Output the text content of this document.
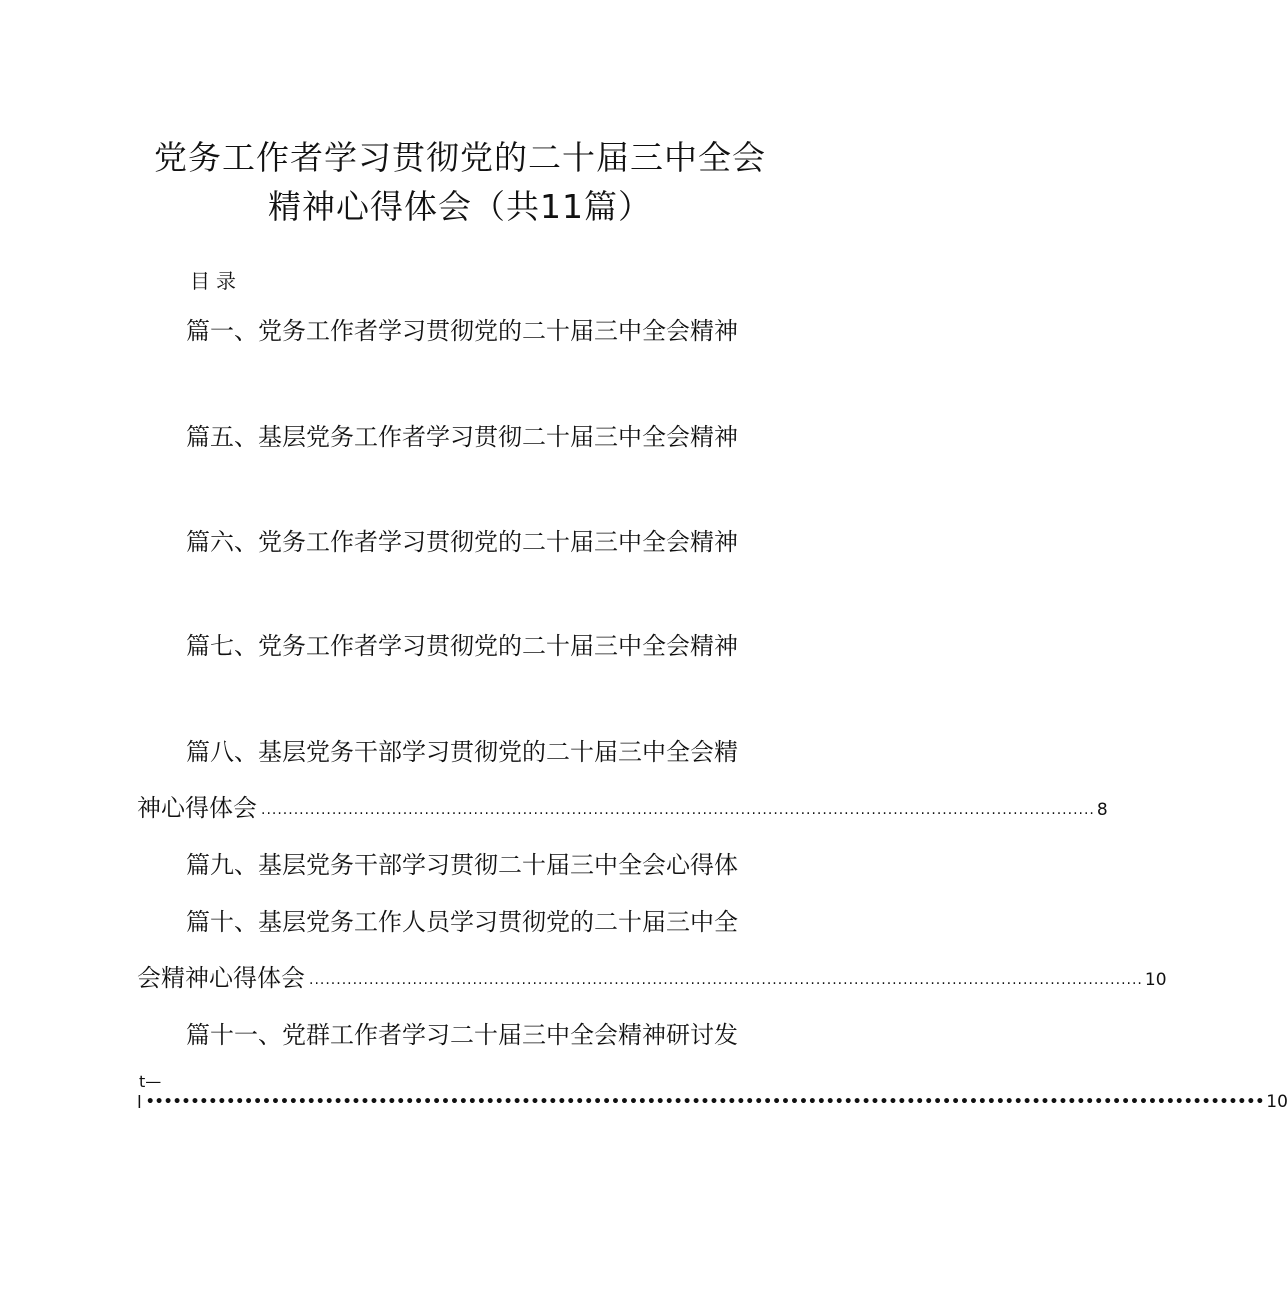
党务工作者学习贯彻党的二十届三中全会
精神心得体会（共11篇）
目录
篇一、党务工作者学习贯彻党的二十届三中全会精神
篇五、基层党务工作者学习贯彻二十届三中全会精神
篇六、党务工作者学习贯彻党的二十届三中全会精神
篇七、党务工作者学习贯彻党的二十届三中全会精神
篇八、基层党务干部学习贯彻党的二十届三中全会精
神心得体会 ......................................................................................................................................................... 8
篇九、基层党务干部学习贯彻二十届三中全会心得体
篇十、基层党务工作人员学习贯彻党的二十届三中全
会精神心得体会 ......................................................................................................................................................... 10
篇十一、党群工作者学习二十届三中全会精神研讨发
t—
l ••••••••••••••••••••••••••••••••••••••••••••••••••••••••••••••••••••••••••••••••••••••••••••••••••••••••••••••••••••••••••••• 10
